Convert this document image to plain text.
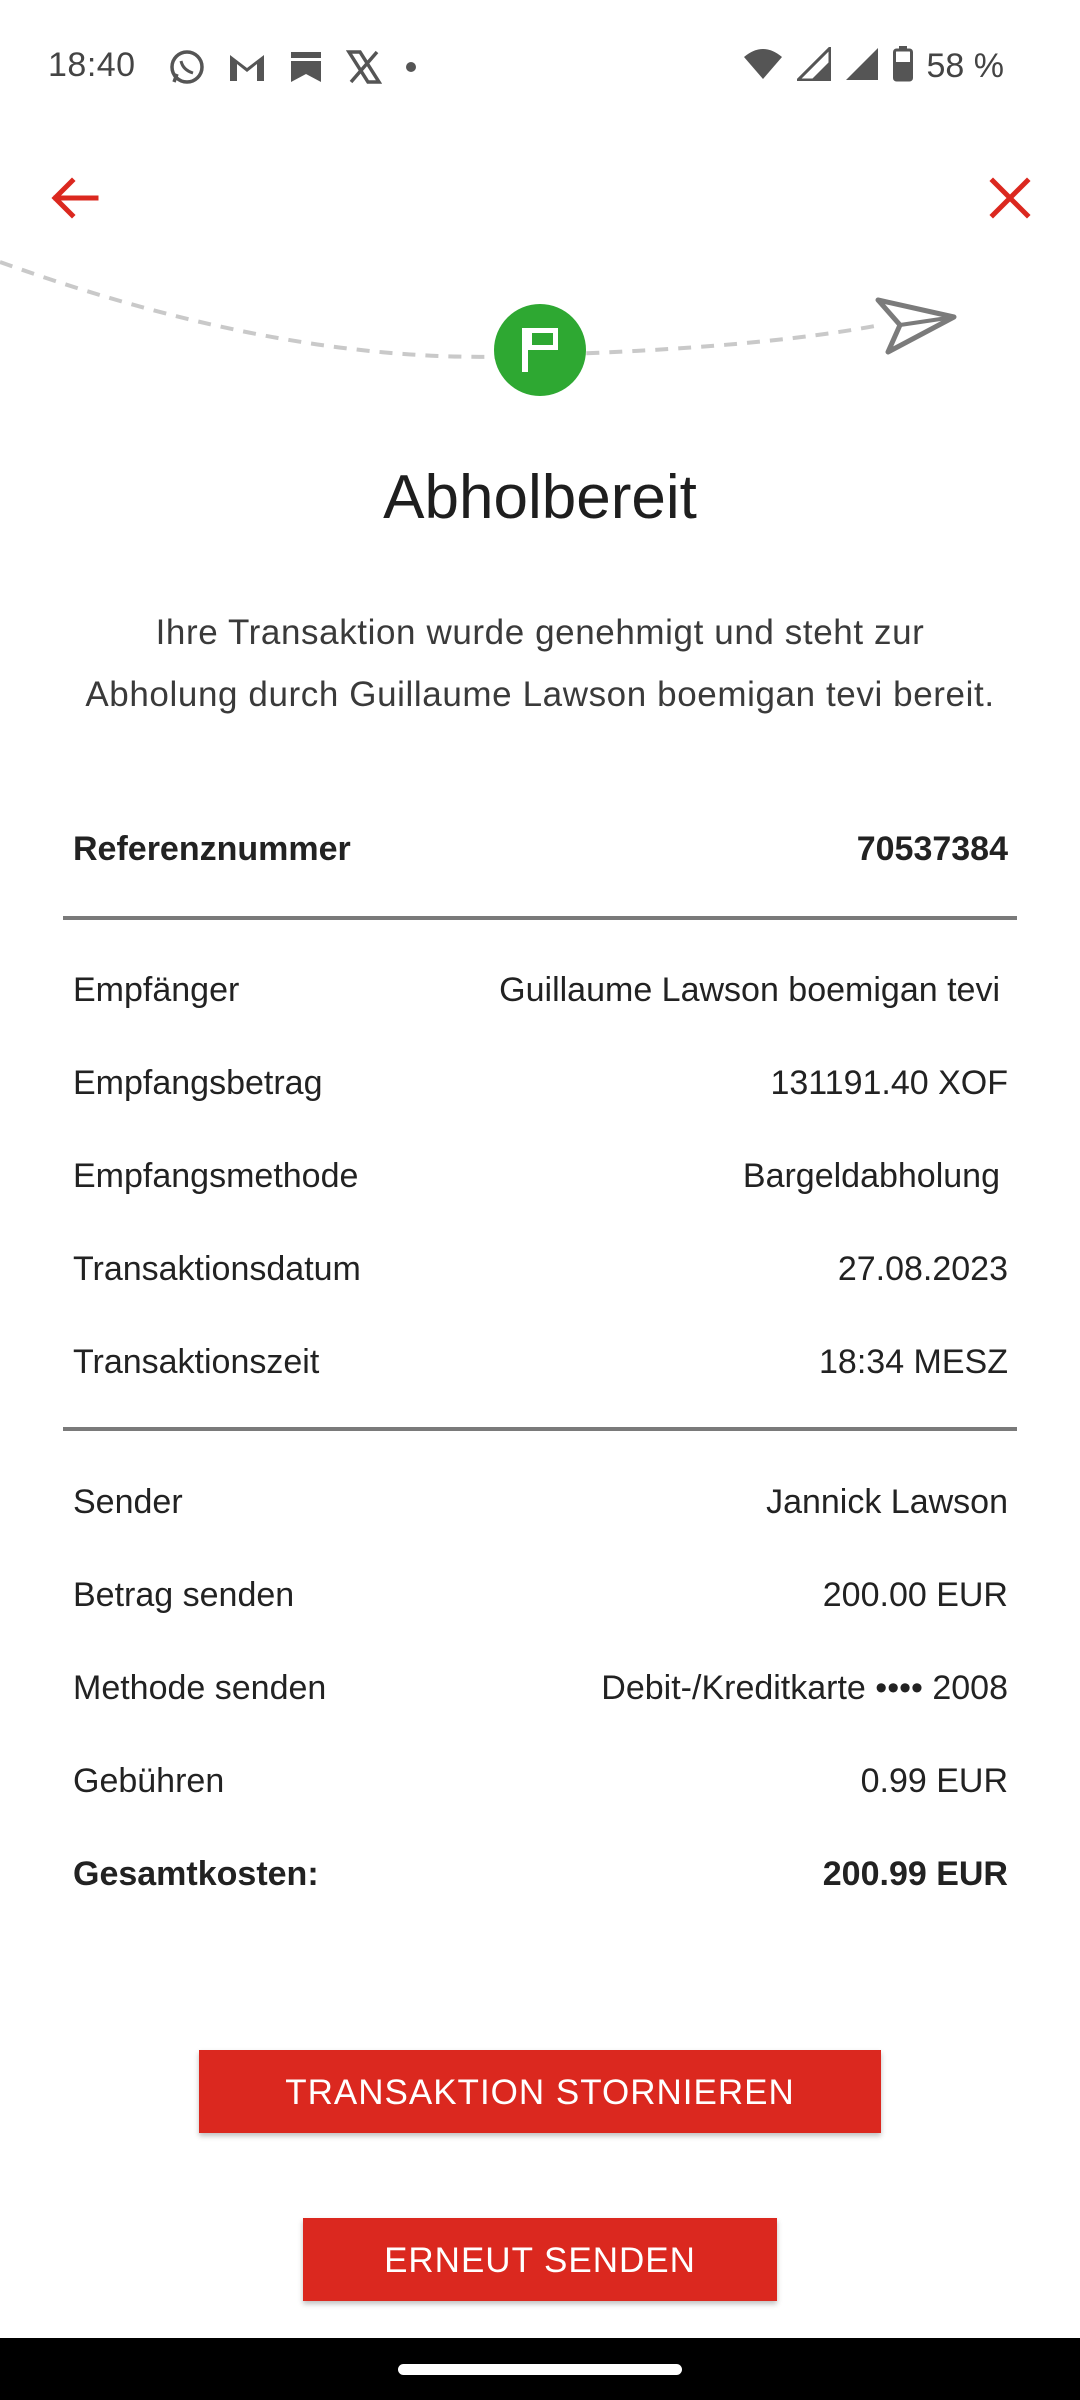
18:40	58 %
Abholbereit
Ihre Transaktion wurde genehmigt und steht zur Abholung durch Guillaume Lawson boemigan tevi bereit.
Referenznummer	70537384
Empfänger	Guillaume Lawson boemigan tevi
Empfangsbetrag	131191.40 XOF
Empfangsmethode	Bargeldabholung
Transaktionsdatum	27.08.2023
Transaktionszeit	18:34 MESZ
Sender	Jannick Lawson
Betrag senden	200.00 EUR
Methode senden	Debit-/Kreditkarte •••• 2008
Gebühren	0.99 EUR
Gesamtkosten:	200.99 EUR
TRANSAKTION STORNIEREN
ERNEUT SENDEN
